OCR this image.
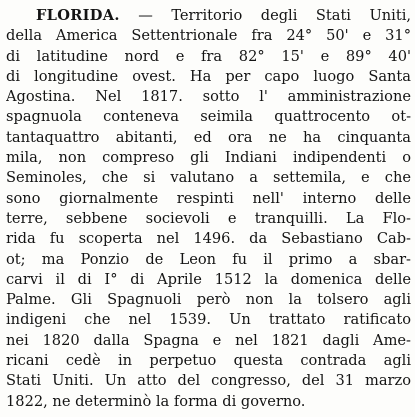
FLORIDA. — Territorio degli Stati Uniti,
della America Settentrionale fra 24° 50' e 31°
di latitudine nord e fra 82° 15' e 89° 40'
di longitudine ovest. Ha per capo luogo Santa
Agostina. Nel 1817. sotto l' amministrazione
spagnuola conteneva seimila quattrocento ot-
tantaquattro abitanti, ed ora ne ha cinquanta
mila, non compreso gli Indiani indipendenti o
Seminoles, che si valutano a settemila, e che
sono giornalmente respinti nell' interno delle
terre, sebbene socievoli e tranquilli. La Flo-
rida fu scoperta nel 1496. da Sebastiano Cab-
ot; ma Ponzio de Leon fu il primo a sbar-
carvi il di I° di Aprile 1512 la domenica delle
Palme. Gli Spagnuoli però non la tolsero agli
indigeni che nel 1539. Un trattato ratificato
nei 1820 dalla Spagna e nel 1821 dagli Ame-
ricani cedè in perpetuo questa contrada agli
Stati Uniti. Un atto del congresso, del 31 marzo
1822, ne determinò la forma di governo.
